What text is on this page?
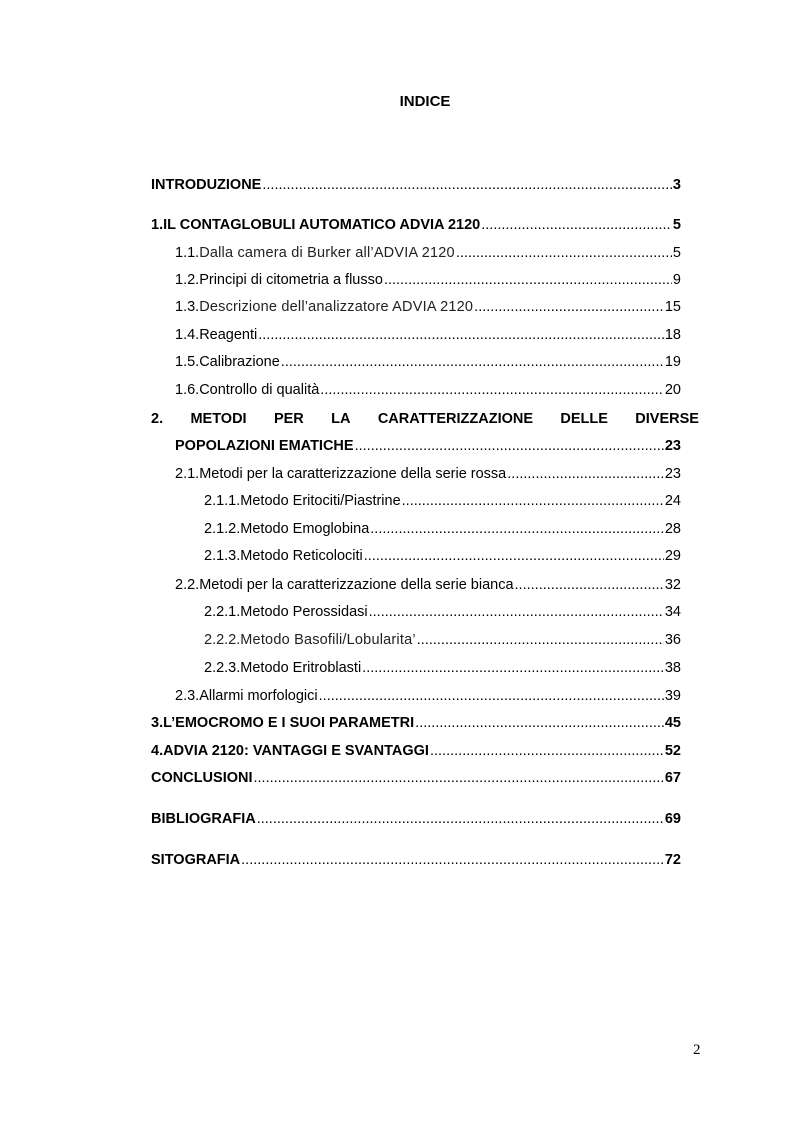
INDICE
INTRODUZIONE .....	3
1. IL CONTAGLOBULI AUTOMATICO ADVIA 2120 .....	5
1.1. Dalla camera di Burker all’ADVIA 2120 .....	5
1.2. Principi di citometria a flusso .....	9
1.3. Descrizione dell’analizzatore ADVIA 2120 .....	15
1.4. Reagenti .....	18
1.5. Calibrazione .....	19
1.6. Controllo di qualità .....	20
2. METODI PER LA CARATTERIZZAZIONE DELLE DIVERSE
POPOLAZIONI EMATICHE .....	23
2.1. Metodi per la caratterizzazione della serie rossa .....	23
2.1.1. Metodo Eritociti/Piastrine .....	24
2.1.2. Metodo Emoglobina .....	28
2.1.3. Metodo Reticolociti .....	29
2.2. Metodi per la caratterizzazione della serie bianca .....	32
2.2.1. Metodo Perossidasi .....	34
2.2.2. Metodo Basofili/Lobularita’ .....	36
2.2.3. Metodo Eritroblasti .....	38
2.3. Allarmi morfologici .....	39
3. L’EMOCROMO E I SUOI PARAMETRI .....	45
4. ADVIA 2120: VANTAGGI E SVANTAGGI .....	52
CONCLUSIONI .....	67
BIBLIOGRAFIA .....	69
SITOGRAFIA .....	72
2
